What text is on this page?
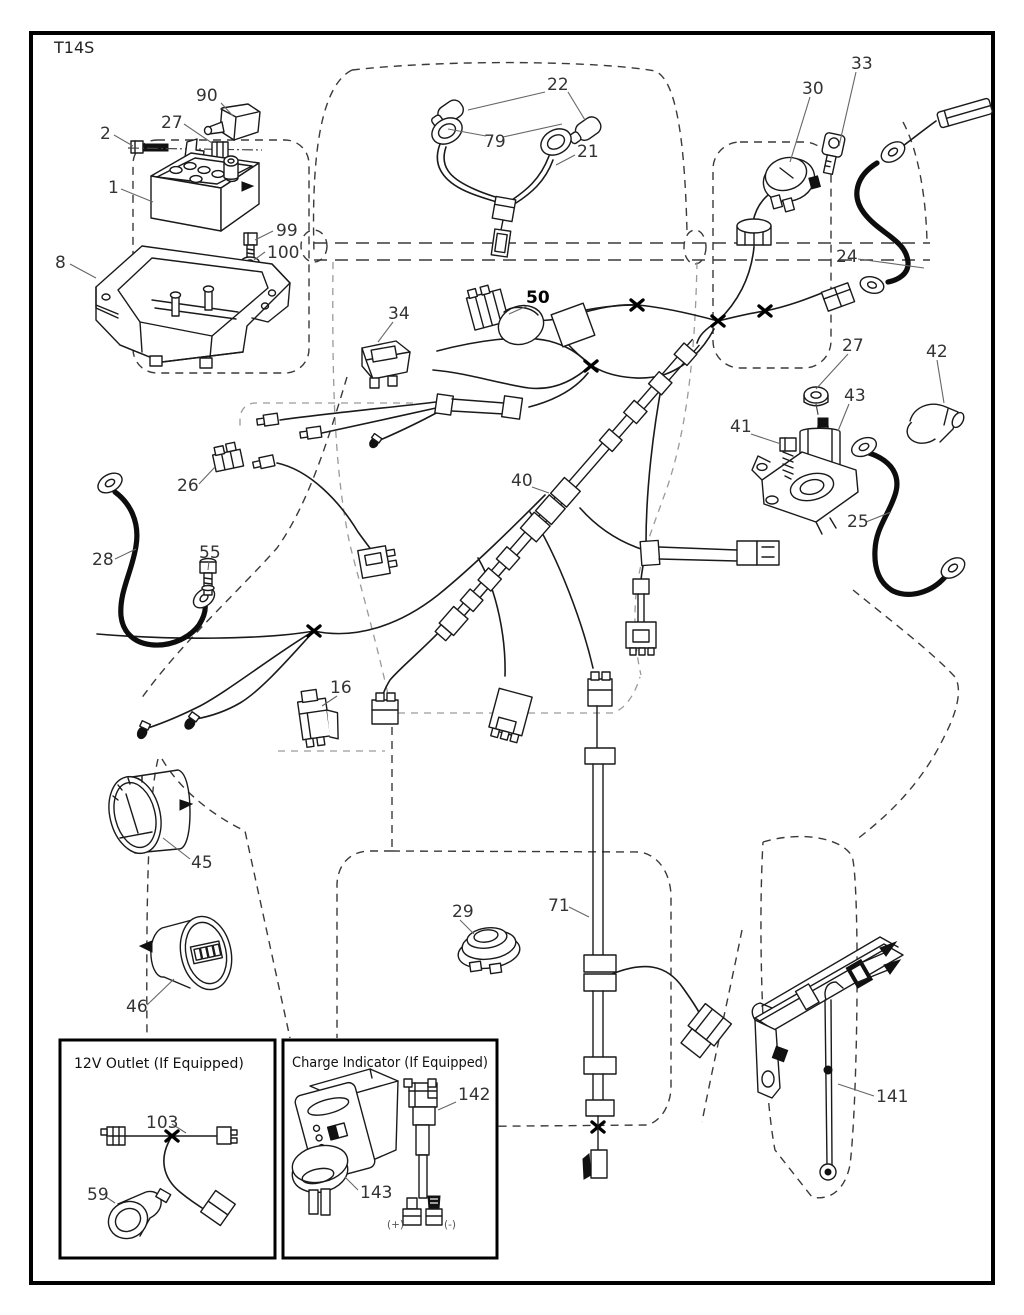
12V Outlet (If Equipped)	Charge Indicator (If Equipped)
(+)	(-)
T14S
90
27
2
1
99
100
8
22
79	21
30
33
24
42
27
43
41
25
34
50
26
28	55
40
16
45
46
29	71
141
103
59
142
143
